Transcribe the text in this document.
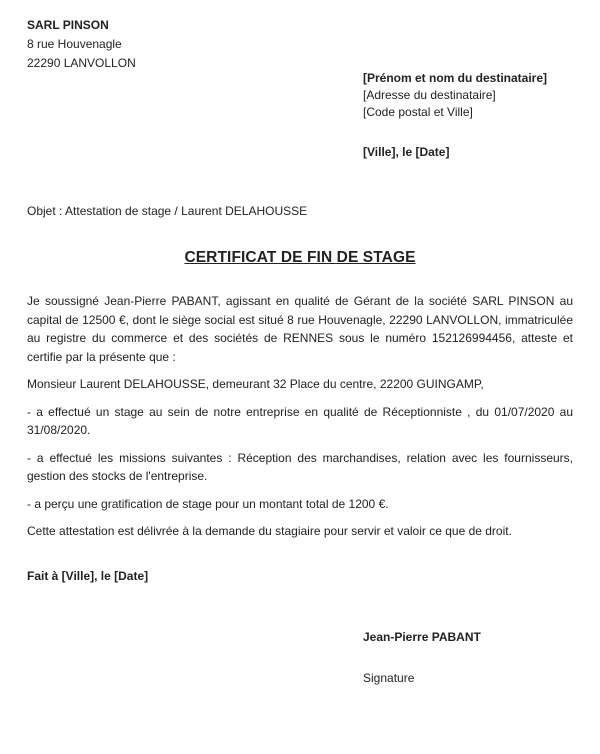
SARL PINSON
8 rue Houvenagle
22290 LANVOLLON
[Prénom et nom du destinataire]
[Adresse du destinataire]
[Code postal et Ville]
[Ville], le [Date]
Objet : Attestation de stage / Laurent DELAHOUSSE
CERTIFICAT DE FIN DE STAGE

Je soussigné Jean-Pierre PABANT, agissant en qualité de Gérant de la société SARL PINSON au capital de 12500 €, dont le siège social est situé 8 rue Houvenagle, 22290 LANVOLLON, immatriculée au registre du commerce et des sociétés de RENNES sous le numéro 152126994456, atteste et certifie par la présente que :

Monsieur Laurent DELAHOUSSE, demeurant 32 Place du centre, 22200 GUINGAMP,

- a effectué un stage au sein de notre entreprise en qualité de Réceptionniste , du 01/07/2020 au 31/08/2020.

- a effectué les missions suivantes : Réception des marchandises, relation avec les fournisseurs, gestion des stocks de l'entreprise.

- a perçu une gratification de stage pour un montant total de 1200 €.

Cette attestation est délivrée à la demande du stagiaire pour servir et valoir ce que de droit.

Fait à [Ville], le [Date]
Jean-Pierre PABANT
Signature
